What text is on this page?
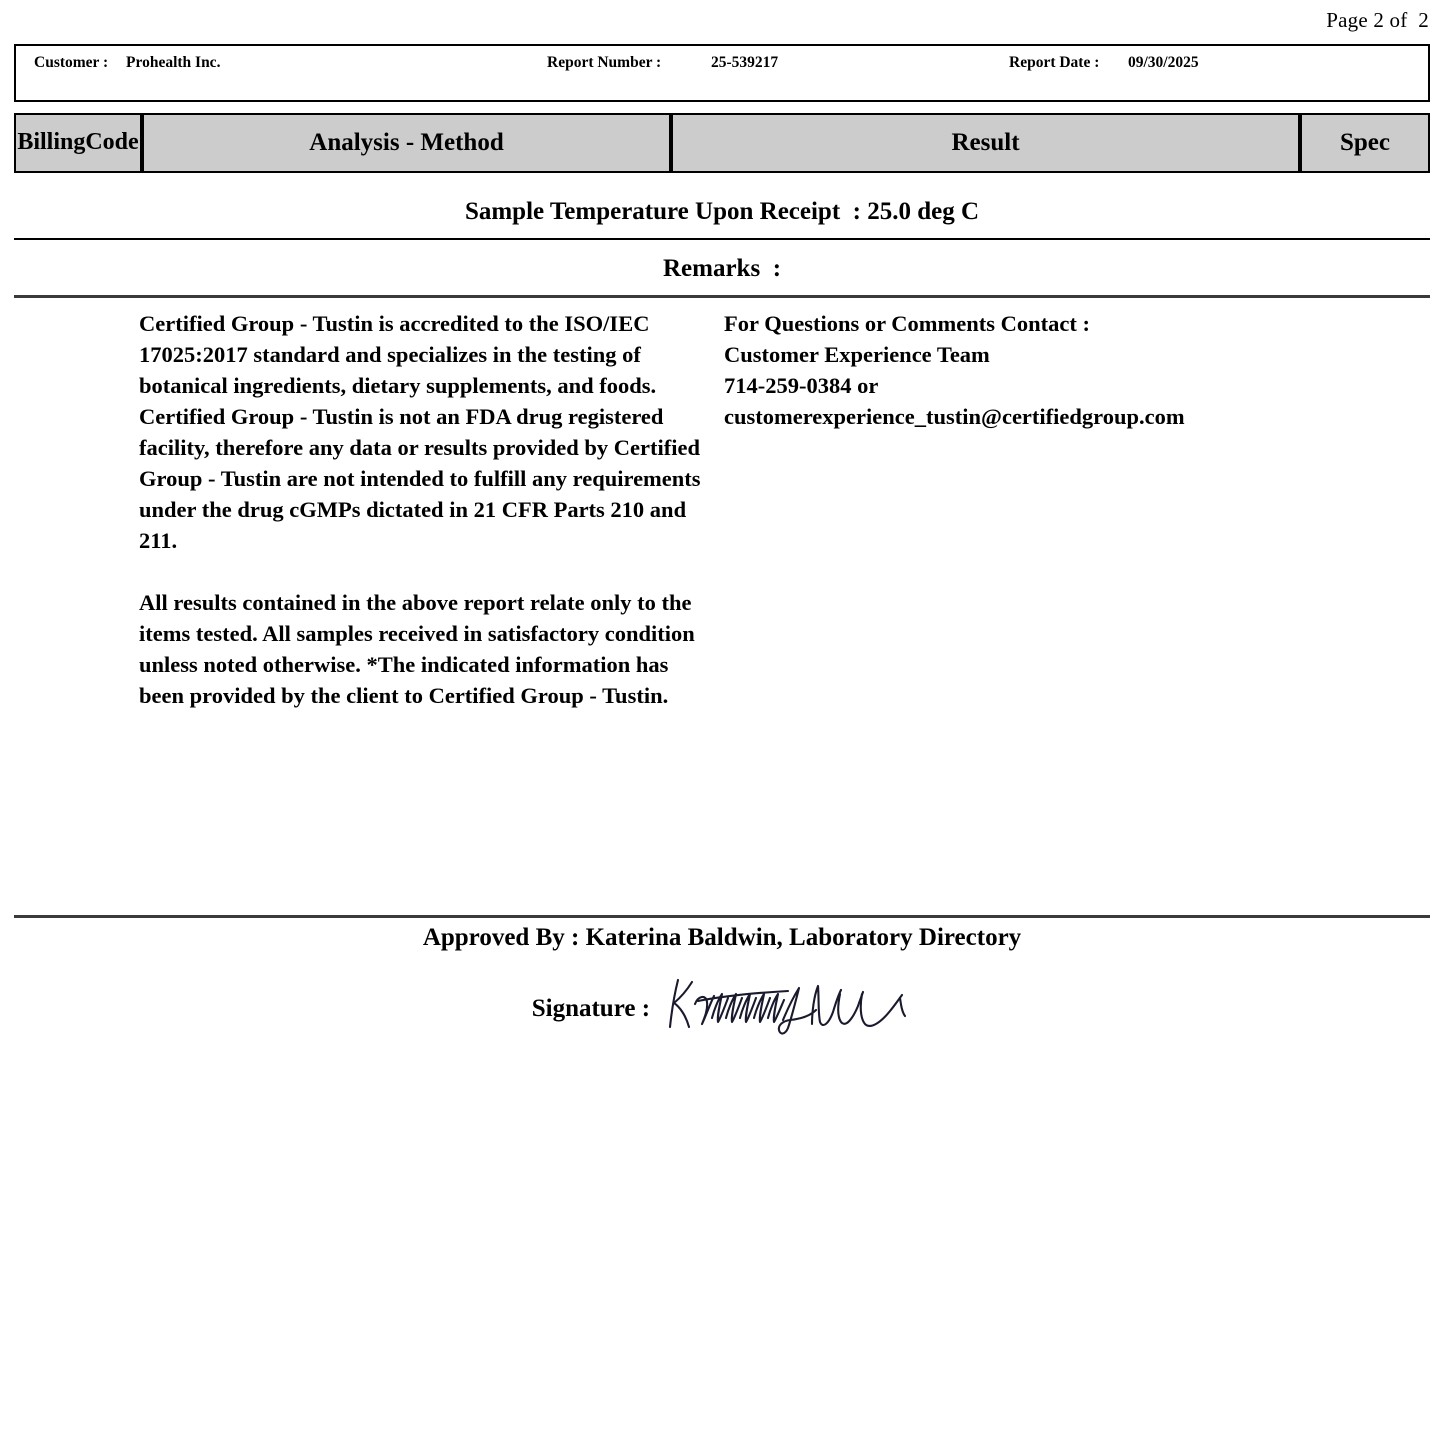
Page 2 of  2
Customer : Prohealth Inc.	Report Number :	25-539217	Report Date : 09/30/2025
Billing Code	Analysis - Method	Result	Spec
Sample Temperature Upon Receipt  : 25.0 deg C
Remarks  :

Certified Group - Tustin is accredited to the ISO/IEC 17025:2017 standard and specializes in the testing of botanical ingredients, dietary supplements, and foods. Certified Group - Tustin is not an FDA drug registered facility, therefore any data or results provided by Certified Group - Tustin are not intended to fulfill any requirements under the drug cGMPs dictated in 21 CFR Parts 210 and 211.

All results contained in the above report relate only to the items tested. All samples received in satisfactory condition unless noted otherwise. *The indicated information has been provided by the client to Certified Group - Tustin.

For Questions or Comments Contact :
Customer Experience Team
714-259-0384 or
customerexperience_tustin@certifiedgroup.com
Approved By : Katerina Baldwin, Laboratory Directory
Signature :
